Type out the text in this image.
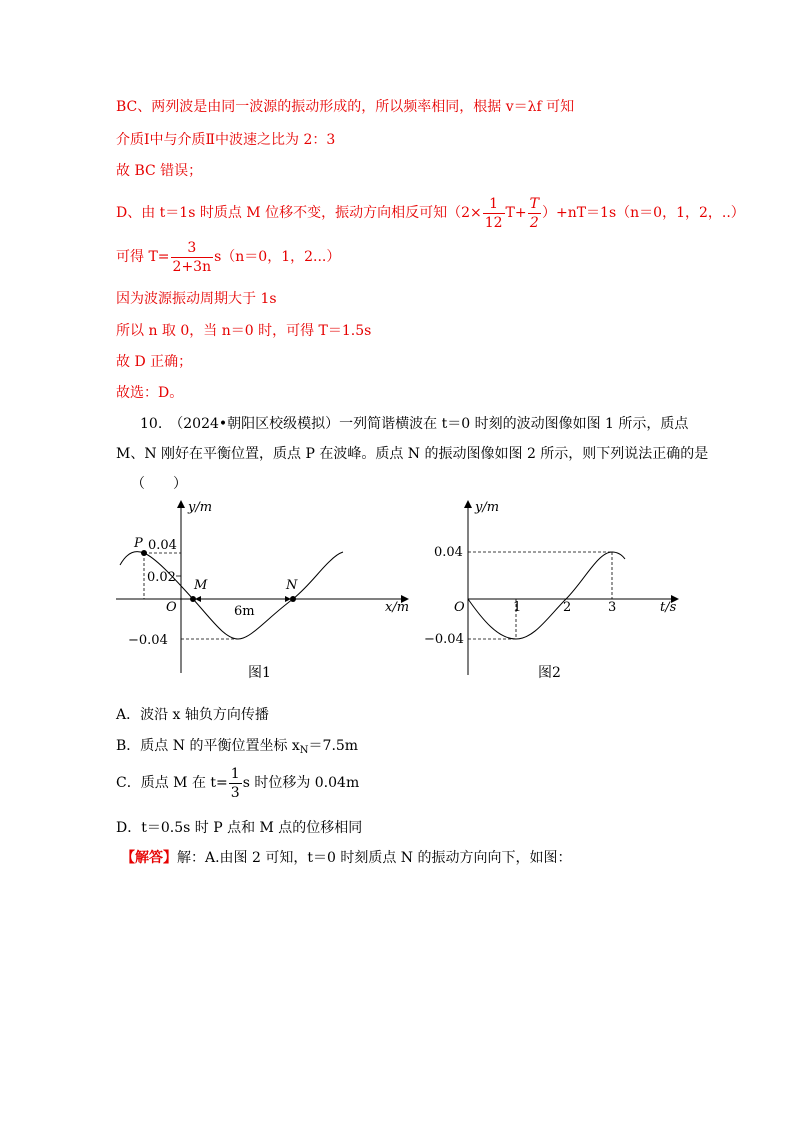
BC、两列波是由同一波源的振动形成的，所以频率相同，根据 v＝λf 可知
介质Ⅰ中与介质Ⅱ中波速之比为 2：3
故 BC 错误；
D、由 t＝1s 时质点 M 位移不变，振动方向相反可知$(2\times \frac{1}{12} T+ \frac{T}{2} )+nT=1s(n=0$，1，2，..）
可得 $T= \frac{3}{2+3n} s(n=0$，1，2...）
因为波源振动周期大于 1s
所以 n 取 0，当 n＝0 时，可得 T＝1.5s
故 D 正确；
故选：D。
10.　（2024•朝阳区校级模拟）一列简谐横波在 t＝0 时刻的波动图像如图 1 所示，质点
M、N 刚好在平衡位置，质点 P 在波峰。质点 N 的振动图像如图 2 所示，则下列说法正确的是
（　　）
y/m
x/m
O
0.04
0.02
−0.04
P
M	N
6m
图1
y/m
t/s
O
0.04
−0.04
1	2	3
图2
A．波沿 x 轴负方向传播
B．质点 N 的平衡位置坐标 $x_N=7.5m$
C．质点 M 在 $t= \frac{1}{3}$ s 时位移为 0.04m
D．t＝0.5s 时 P 点和 M 点的位移相同
【解答】解：A.由图 2 可知，t＝0 时刻质点 N 的振动方向向下，如图：
